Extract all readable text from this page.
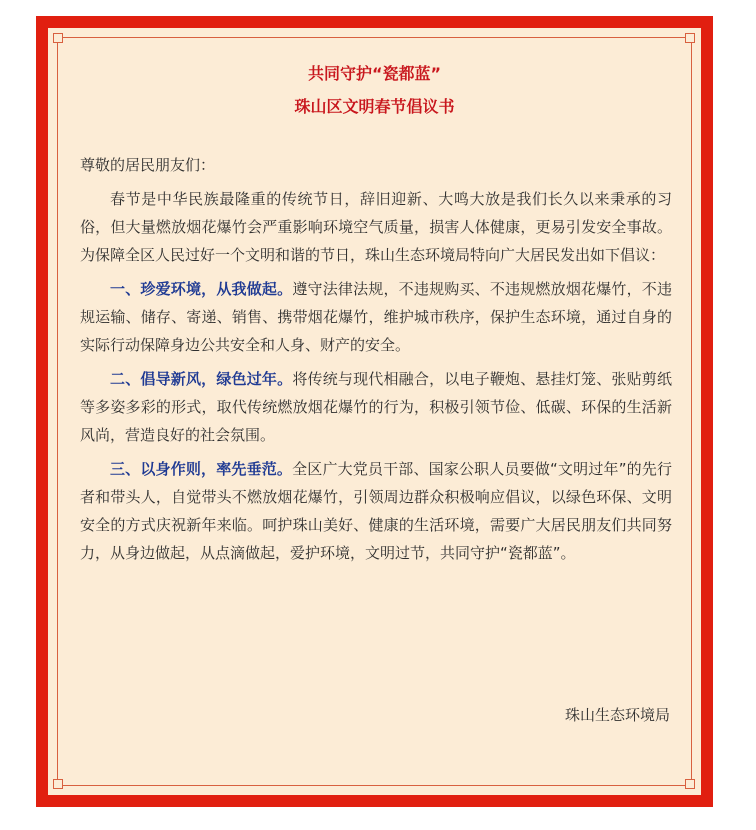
共同守护“瓷都蓝”
珠山区文明春节倡议书

尊敬的居民朋友们：

春节是中华民族最隆重的传统节日，辞旧迎新、大鸣大放是我们长久以来秉承的习俗，但大量燃放烟花爆竹会严重影响环境空气质量，损害人体健康，更易引发安全事故。为保障全区人民过好一个文明和谐的节日，珠山生态环境局特向广大居民发出如下倡议：

一、珍爱环境，从我做起。遵守法律法规，不违规购买、不违规燃放烟花爆竹，不违规运输、储存、寄递、销售、携带烟花爆竹，维护城市秩序，保护生态环境，通过自身的实际行动保障身边公共安全和人身、财产的安全。

二、倡导新风，绿色过年。将传统与现代相融合，以电子鞭炮、悬挂灯笼、张贴剪纸等多姿多彩的形式，取代传统燃放烟花爆竹的行为，积极引领节俭、低碳、环保的生活新风尚，营造良好的社会氛围。

三、以身作则，率先垂范。全区广大党员干部、国家公职人员要做“文明过年”的先行者和带头人，自觉带头不燃放烟花爆竹，引领周边群众积极响应倡议，以绿色环保、文明安全的方式庆祝新年来临。呵护珠山美好、健康的生活环境，需要广大居民朋友们共同努力，从身边做起，从点滴做起，爱护环境，文明过节，共同守护“瓷都蓝”。

珠山生态环境局
